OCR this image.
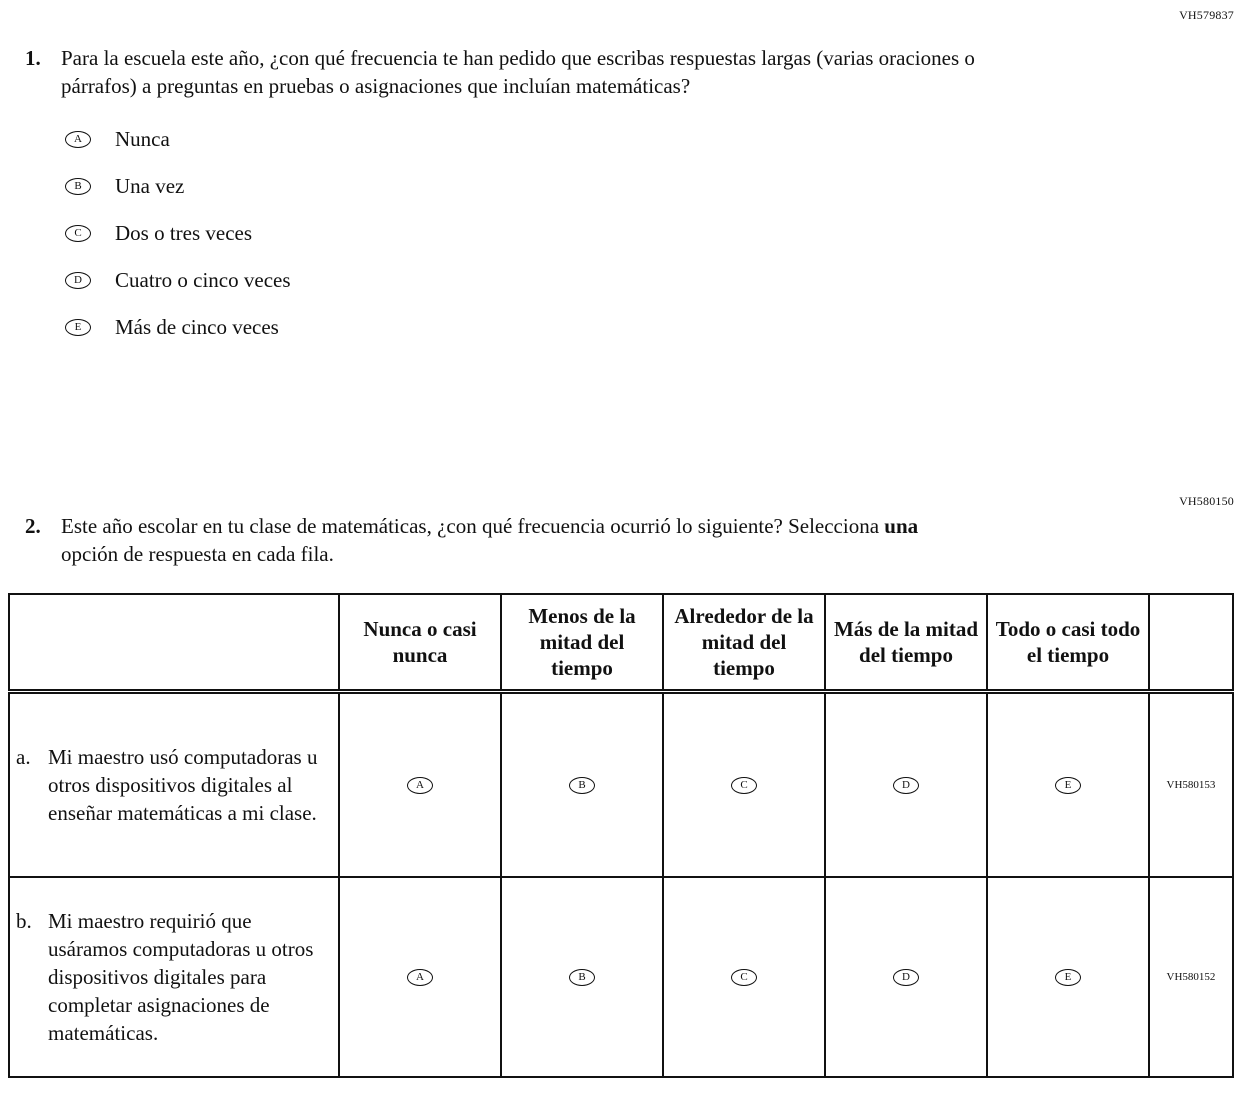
VH579837
1. Para la escuela este año, ¿con qué frecuencia te han pedido que escribas respuestas largas (varias oraciones o párrafos) a preguntas en pruebas o asignaciones que incluían matemáticas?
A	Nunca
B	Una vez
C	Dos o tres veces
D	Cuatro o cinco veces
E	Más de cinco veces
VH580150
2. Este año escolar en tu clase de matemáticas, ¿con qué frecuencia ocurrió lo siguiente? Selecciona una opción de respuesta en cada fila.
	Nunca o casi nunca	Menos de la mitad del tiempo	Alrededor de la mitad del tiempo	Más de la mitad del tiempo	Todo o casi todo el tiempo	

a. Mi maestro usó computadoras u otros dispositivos digitales al enseñar matemáticas a mi clase.	A	B	C	D	E	VH580153

b. Mi maestro requirió que usáramos computadoras u otros dispositivos digitales para completar asignaciones de matemáticas.	A	B	C	D	E	VH580152
